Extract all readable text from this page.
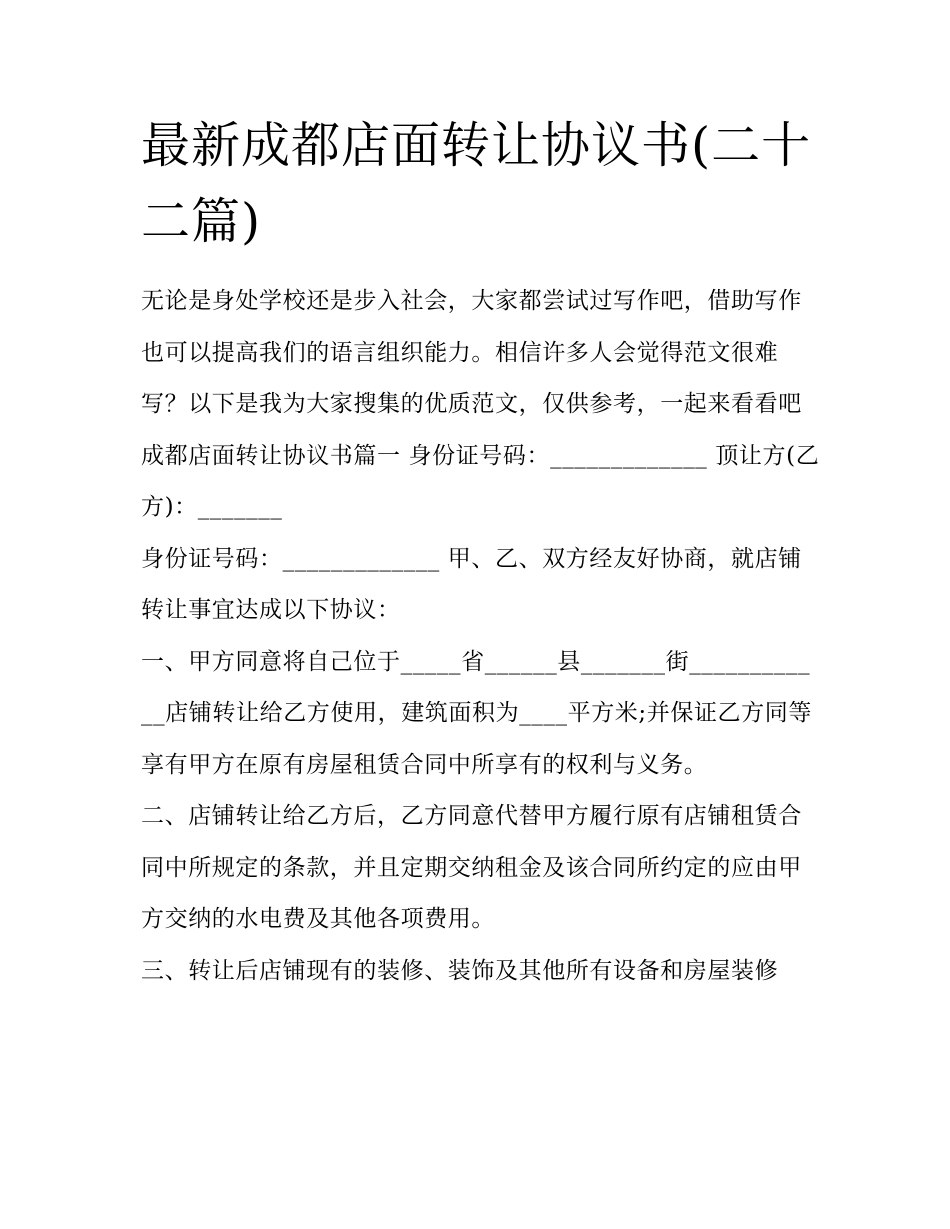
最新成都店面转让协议书(二十二篇)

无论是身处学校还是步入社会，大家都尝试过写作吧，借助写作也可以提高我们的语言组织能力。相信许多人会觉得范文很难写？以下是我为大家搜集的优质范文，仅供参考，一起来看看吧

成都店面转让协议书篇一 身份证号码：_____________ 顶让方(乙方)：_______

身份证号码：_____________ 甲、乙、双方经友好协商，就店铺转让事宜达成以下协议：

一、甲方同意将自己位于_____省______县_______街____________店铺转让给乙方使用，建筑面积为____平方米;并保证乙方同等享有甲方在原有房屋租赁合同中所享有的权利与义务。

二、店铺转让给乙方后，乙方同意代替甲方履行原有店铺租赁合同中所规定的条款，并且定期交纳租金及该合同所约定的应由甲方交纳的水电费及其他各项费用。

三、转让后店铺现有的装修、装饰及其他所有设备和房屋装修
